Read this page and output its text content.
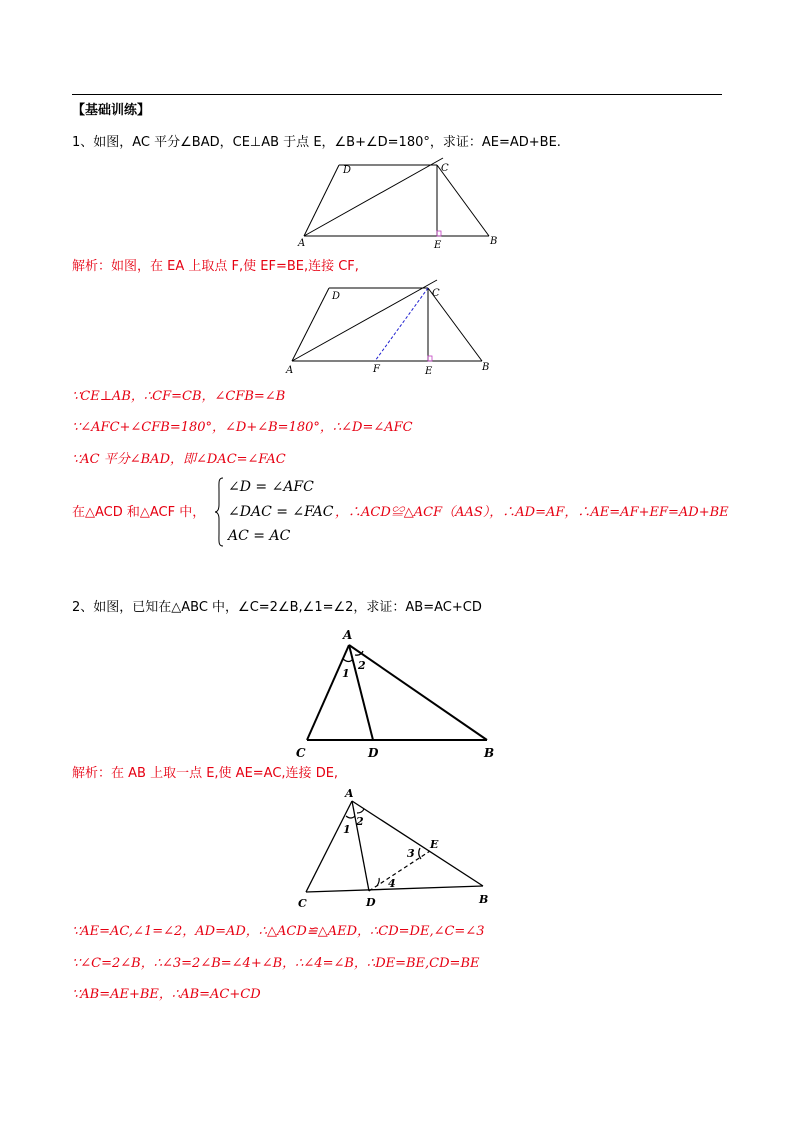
【基础训练】
1、如图，AC 平分∠BAD，CE⊥AB 于点 E，∠B+∠D=180°，求证：AE=AD+BE.
D	C
A	E	B
解析：如图，在 EA 上取点 F,使 EF=BE,连接 CF,
D	C
A	F	E	B
∵CE⊥AB，∴CF=CB，∠CFB=∠B
∵∠AFC+∠CFB=180°，∠D+∠B=180°，∴∠D=∠AFC
∵AC 平分∠BAD，即∠DAC=∠FAC
在△ACD 和△ACF 中，
∠D = ∠AFC
∠DAC = ∠FAC
AC = AC
，∴ACD≌△ACF（AAS），∴AD=AF，∴AE=AF+EF=AD+BE
2、如图，已知在△ABC 中，∠C=2∠B,∠1=∠2，求证：AB=AC+CD
A
1
2
C	D	B
解析：在 AB 上取一点 E,使 AE=AC,连接 DE,
A
1
2
3
E
4
C	D	B
∵AE=AC,∠1=∠2，AD=AD，∴△ACD≌△AED，∴CD=DE,∠C=∠3
∵∠C=2∠B，∴∠3=2∠B=∠4+∠B，∴∠4=∠B，∴DE=BE,CD=BE
∵AB=AE+BE，∴AB=AC+CD
